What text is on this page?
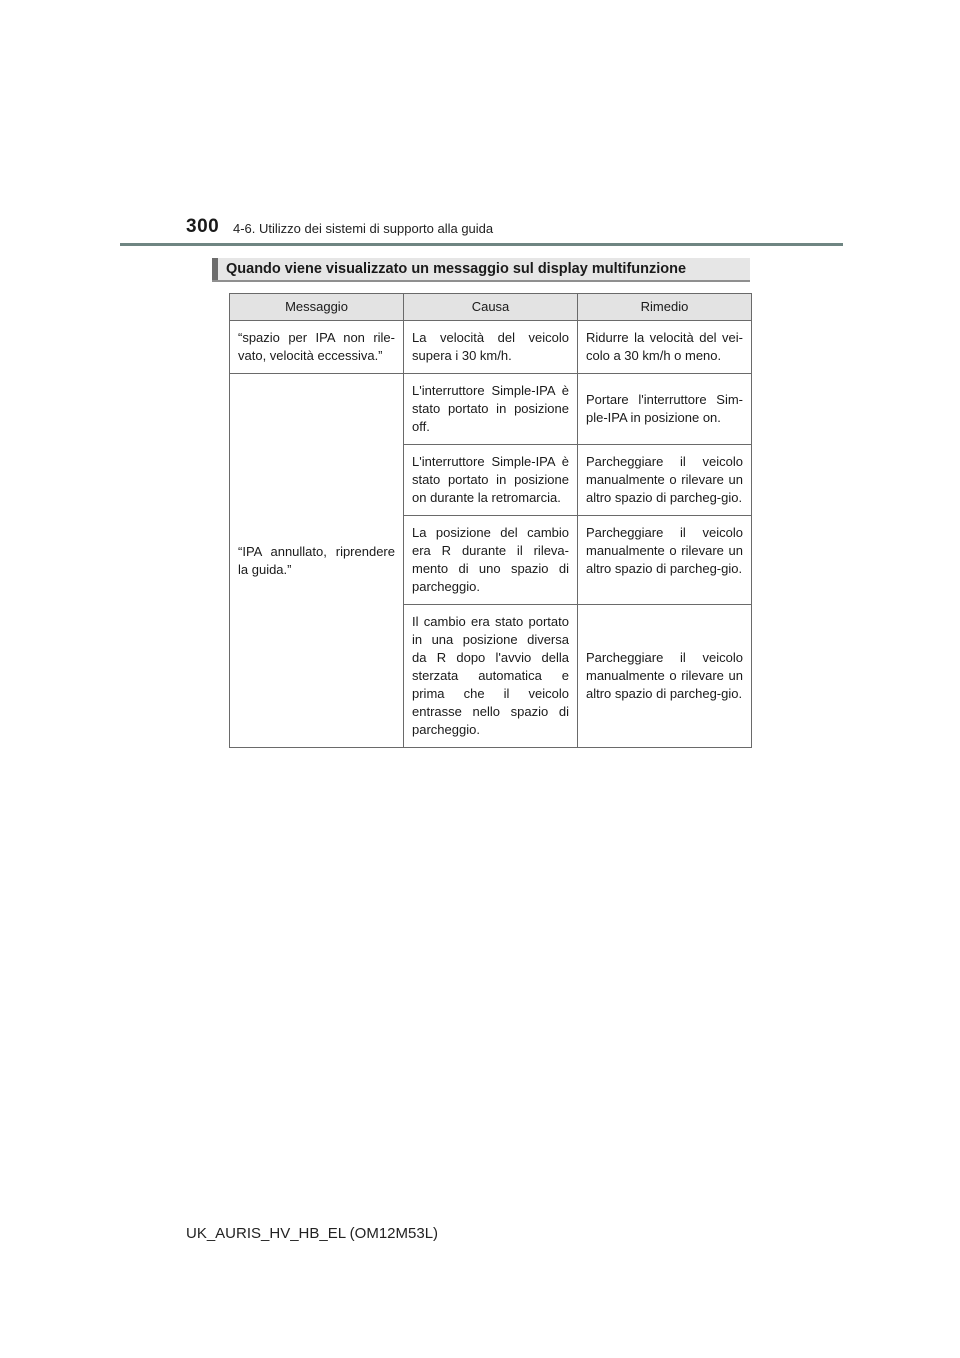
300 4-6. Utilizzo dei sistemi di supporto alla guida
Quando viene visualizzato un messaggio sul display multifunzione
Messaggio	Causa	Rimedio
“spazio per IPA non rile-vato, velocità eccessiva.”	La velocità del veicolo supera i 30 km/h.	Ridurre la velocità del vei-colo a 30 km/h o meno.
“IPA annullato, riprendere la guida.”	L'interruttore Simple-IPA è stato portato in posizione off.	Portare l'interruttore Sim-ple-IPA in posizione on.
	L'interruttore Simple-IPA è stato portato in posizione on durante la retromarcia.	Parcheggiare il veicolo manualmente o rilevare un altro spazio di parcheg-gio.
	La posizione del cambio era R durante il rileva-mento di uno spazio di parcheggio.	Parcheggiare il veicolo manualmente o rilevare un altro spazio di parcheg-gio.
	Il cambio era stato portato in una posizione diversa da R dopo l'avvio della sterzata automatica e prima che il veicolo entrasse nello spazio di parcheggio.	Parcheggiare il veicolo manualmente o rilevare un altro spazio di parcheg-gio.
UK_AURIS_HV_HB_EL (OM12M53L)
